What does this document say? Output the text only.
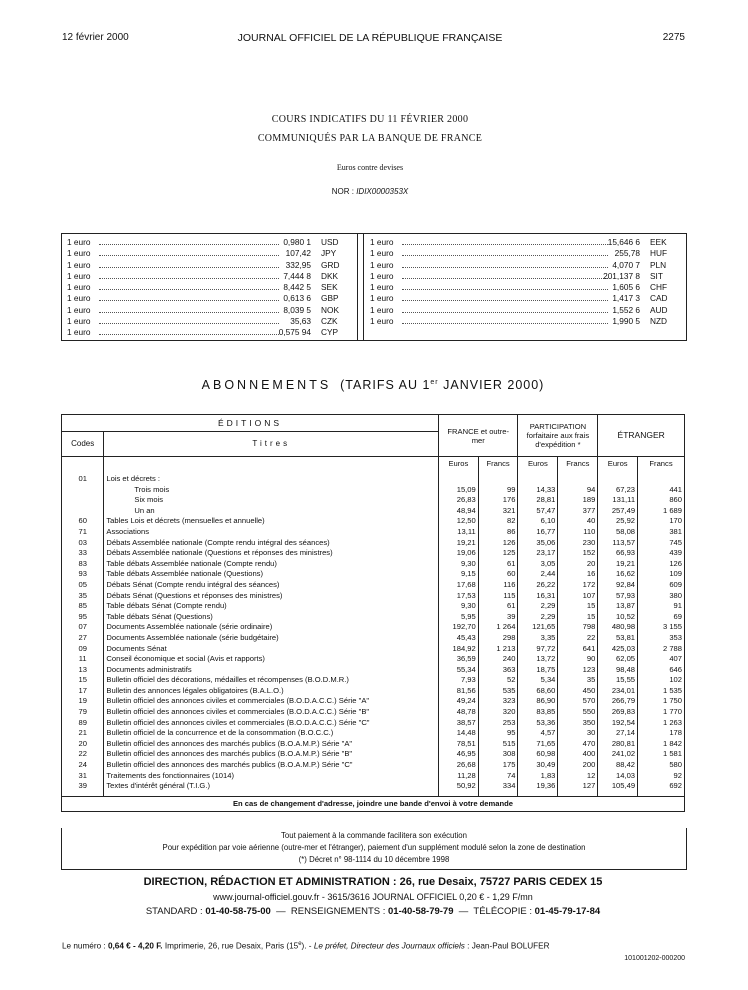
12 février 2000	JOURNAL OFFICIEL DE LA RÉPUBLIQUE FRANÇAISE	2275
COURS INDICATIFS DU 11 FÉVRIER 2000
COMMUNIQUÉS PAR LA BANQUE DE FRANCE
Euros contre devises
NOR : IDIX0000353X
1 euro	0,980 1 USD
1 euro	107,42 JPY
1 euro	332,95 GRD
1 euro	7,444 8 DKK
1 euro	8,442 5 SEK
1 euro	0,613 6 GBP
1 euro	8,039 5 NOK
1 euro	35,63 CZK
1 euro	0,575 94 CYP
1 euro	15,646 6 EEK
1 euro	255,78 HUF
1 euro	4,070 7 PLN
1 euro	201,137 8 SIT
1 euro	1,605 6 CHF
1 euro	1,417 3 CAD
1 euro	1,552 6 AUD
1 euro	1,990 5 NZD
ABONNEMENTS (TARIFS AU 1er JANVIER 2000)
ÉDITIONS		FRANCE et outre-mer		PARTICIPATION forfaitaire aux frais d'expédition *		ÉTRANGER	
Codes	Titres						
		Euros	Francs	Euros	Francs	Euros	Francs
01	Lois et décrets :						
	Trois mois	15,09	99	14,33	94	67,23	441
	Six mois	26,83	176	28,81	189	131,11	860
	Un an	48,94	321	57,47	377	257,49	1 689
60	Tables Lois et décrets (mensuelles et annuelle)	12,50	82	6,10	40	25,92	170
71	Associations	13,11	86	16,77	110	58,08	381
03	Débats Assemblée nationale (Compte rendu intégral des séances)	19,21	126	35,06	230	113,57	745
33	Débats Assemblée nationale (Questions et réponses des ministres)	19,06	125	23,17	152	66,93	439
83	Table débats Assemblée nationale (Compte rendu)	9,30	61	3,05	20	19,21	126
93	Table débats Assemblée nationale (Questions)	9,15	60	2,44	16	16,62	109
05	Débats Sénat (Compte rendu intégral des séances)	17,68	116	26,22	172	92,84	609
35	Débats Sénat (Questions et réponses des ministres)	17,53	115	16,31	107	57,93	380
85	Table débats Sénat (Compte rendu)	9,30	61	2,29	15	13,87	91
95	Table débats Sénat (Questions)	5,95	39	2,29	15	10,52	69
07	Documents Assemblée nationale (série ordinaire)	192,70	1 264	121,65	798	480,98	3 155
27	Documents Assemblée nationale (série budgétaire)	45,43	298	3,35	22	53,81	353
09	Documents Sénat	184,92	1 213	97,72	641	425,03	2 788
11	Conseil économique et social (Avis et rapports)	36,59	240	13,72	90	62,05	407
13	Documents administratifs	55,34	363	18,75	123	98,48	646
15	Bulletin officiel des décorations, médailles et récompenses (B.O.D.M.R.)	7,93	52	5,34	35	15,55	102
17	Bulletin des annonces légales obligatoires (B.A.L.O.)	81,56	535	68,60	450	234,01	1 535
19	Bulletin officiel des annonces civiles et commerciales (B.O.D.A.C.C.) Série "A"	49,24	323	86,90	570	266,79	1 750
79	Bulletin officiel des annonces civiles et commerciales (B.O.D.A.C.C.) Série "B"	48,78	320	83,85	550	269,83	1 770
89	Bulletin officiel des annonces civiles et commerciales (B.O.D.A.C.C.) Série "C"	38,57	253	53,36	350	192,54	1 263
21	Bulletin officiel de la concurrence et de la consommation (B.O.C.C.)	14,48	95	4,57	30	27,14	178
20	Bulletin officiel des annonces des marchés publics (B.O.A.M.P.) Série "A"	78,51	515	71,65	470	280,81	1 842
22	Bulletin officiel des annonces des marchés publics (B.O.A.M.P.) Série "B"	46,95	308	60,98	400	241,02	1 581
24	Bulletin officiel des annonces des marchés publics (B.O.A.M.P.) Série "C"	26,68	175	30,49	200	88,42	580
31	Traitements des fonctionnaires (1014)	11,28	74	1,83	12	14,03	92
39	Textes d'intérêt général (T.I.G.)	50,92	334	19,36	127	105,49	692

En cas de changement d'adresse, joindre une bande d'envoi à votre demande							
Tout paiement à la commande facilitera son exécution
Pour expédition par voie aérienne (outre-mer et l'étranger), paiement d'un supplément modulé selon la zone de destination
(*) Décret n° 98-1114 du 10 décembre 1998
DIRECTION, RÉDACTION ET ADMINISTRATION : 26, rue Desaix, 75727 PARIS CEDEX 15
www.journal-officiel.gouv.fr - 3615/3616 JOURNAL OFFICIEL 0,20 € - 1,29 F/mn
STANDARD : 01-40-58-75-00 — RENSEIGNEMENTS : 01-40-58-79-79 — TÉLÉCOPIE : 01-45-79-17-84
Le numéro : 0,64 € - 4,20 F. Imprimerie, 26, rue Desaix, Paris (15e). - Le préfet, Directeur des Journaux officiels : Jean-Paul BOLUFER
101001202-000200
